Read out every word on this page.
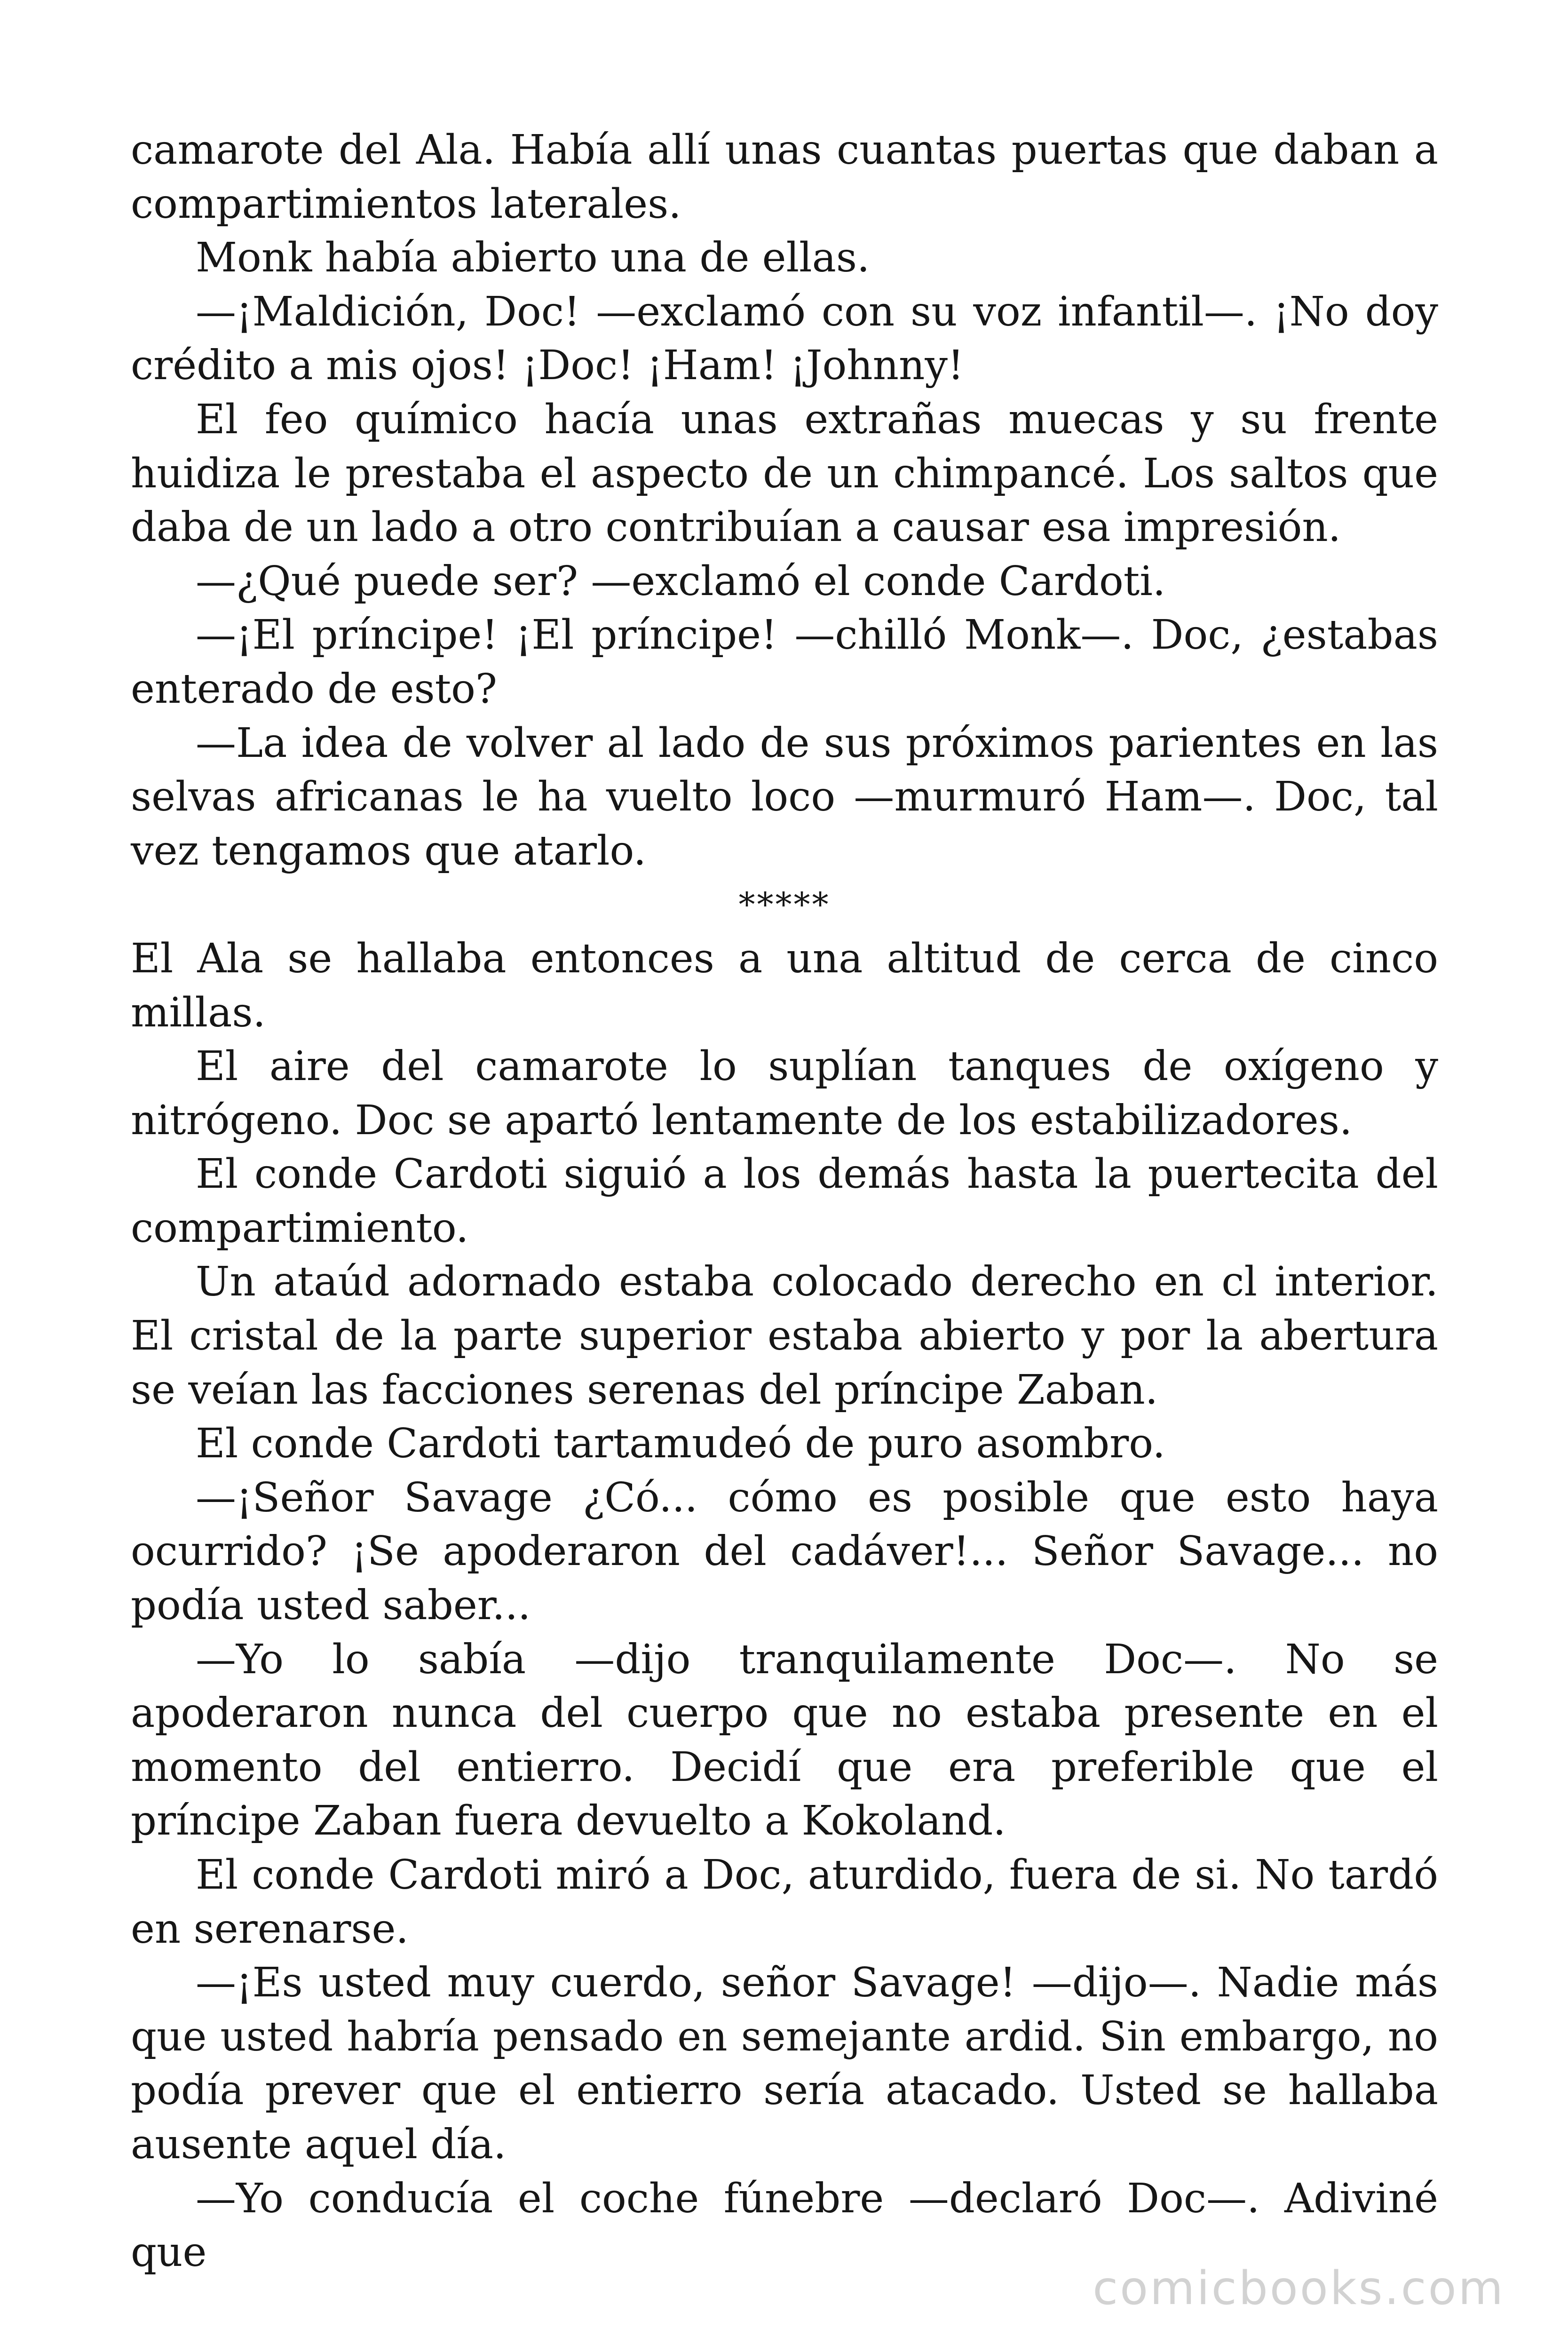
camarote del Ala. Había allí unas cuantas puertas que daban a compartimientos laterales.

Monk había abierto una de ellas.

—¡Maldición, Doc! —exclamó con su voz infantil—. ¡No doy crédito a mis ojos! ¡Doc! ¡Ham! ¡Johnny!

El feo químico hacía unas extrañas muecas y su frente huidiza le prestaba el aspecto de un chimpancé. Los saltos que daba de un lado a otro contribuían a causar esa impresión.

—¿Qué puede ser? —exclamó el conde Cardoti.

—¡El príncipe! ¡El príncipe! —chilló Monk—. Doc, ¿estabas enterado de esto?

—La idea de volver al lado de sus próximos parientes en las selvas africanas le ha vuelto loco —murmuró Ham—. Doc, tal vez tengamos que atarlo.

*****

El Ala se hallaba entonces a una altitud de cerca de cinco millas.

El aire del camarote lo suplían tanques de oxígeno y nitrógeno. Doc se apartó lentamente de los estabilizadores.

El conde Cardoti siguió a los demás hasta la puertecita del compartimiento.

Un ataúd adornado estaba colocado derecho en cl interior. El cristal de la parte superior estaba abierto y por la abertura se veían las facciones serenas del príncipe Zaban.

El conde Cardoti tartamudeó de puro asombro.

—¡Señor Savage ¿Có... cómo es posible que esto haya ocurrido? ¡Se apoderaron del cadáver!... Señor Savage... no podía usted saber...

—Yo lo sabía —dijo tranquilamente Doc—. No se apoderaron nunca del cuerpo que no estaba presente en el momento del entierro. Decidí que era preferible que el príncipe Zaban fuera devuelto a Kokoland.

El conde Cardoti miró a Doc, aturdido, fuera de si. No tardó en serenarse.

—¡Es usted muy cuerdo, señor Savage! —dijo—. Nadie más que usted habría pensado en semejante ardid. Sin embargo, no podía prever que el entierro sería atacado. Usted se hallaba ausente aquel día.

—Yo conducía el coche fúnebre —declaró Doc—. Adiviné que

comicbooks.com
